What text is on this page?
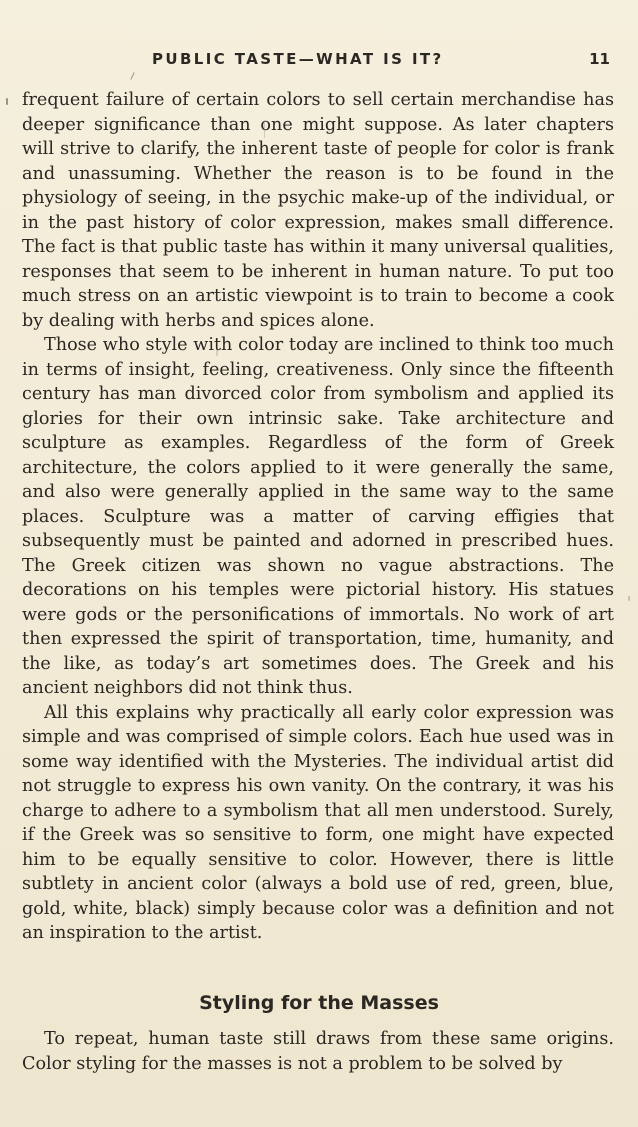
PUBLIC TASTE—WHAT IS IT?	11

frequent failure of certain colors to sell certain merchandise has deeper significance than one might suppose. As later chapters will strive to clarify, the inherent taste of people for color is frank and unassuming. Whether the reason is to be found in the physiology of seeing, in the psychic make-up of the individual, or in the past history of color expression, makes small difference. The fact is that public taste has within it many universal qualities, responses that seem to be inherent in human nature. To put too much stress on an artistic viewpoint is to train to become a cook by dealing with herbs and spices alone.

Those who style with color today are inclined to think too much in terms of insight, feeling, creativeness. Only since the fifteenth century has man divorced color from symbolism and applied its glories for their own intrinsic sake. Take architecture and sculpture as examples. Regardless of the form of Greek architecture, the colors applied to it were generally the same, and also were generally applied in the same way to the same places. Sculpture was a matter of carving effigies that subsequently must be painted and adorned in prescribed hues. The Greek citizen was shown no vague abstractions. The decorations on his temples were pictorial history. His statues were gods or the personifications of immortals. No work of art then expressed the spirit of transportation, time, humanity, and the like, as today’s art sometimes does. The Greek and his ancient neighbors did not think thus.

All this explains why practically all early color expression was simple and was comprised of simple colors. Each hue used was in some way identified with the Mysteries. The individual artist did not struggle to express his own vanity. On the contrary, it was his charge to adhere to a symbolism that all men understood. Surely, if the Greek was so sensitive to form, one might have expected him to be equally sensitive to color. However, there is little subtlety in ancient color (always a bold use of red, green, blue, gold, white, black) simply because color was a definition and not an inspiration to the artist.

Styling for the Masses

To repeat, human taste still draws from these same origins. Color styling for the masses is not a problem to be solved by
